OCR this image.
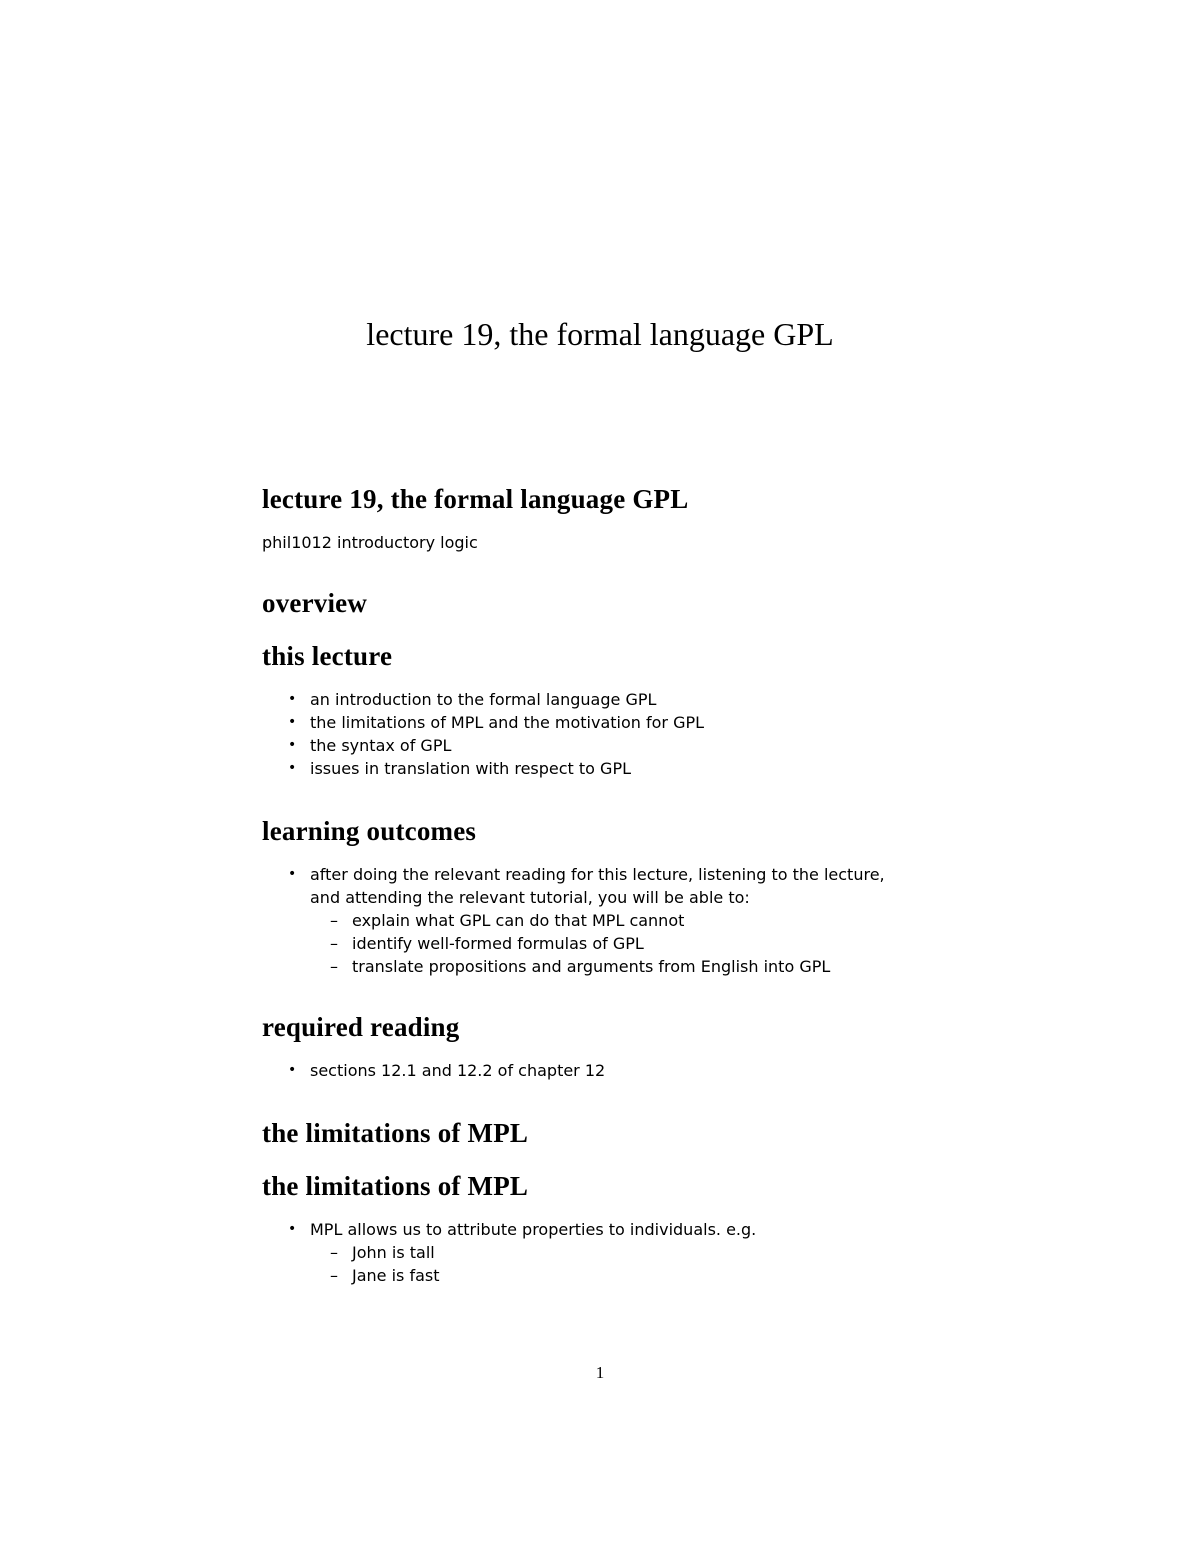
lecture 19, the formal language GPL
lecture 19, the formal language GPL

phil1012 introductory logic

overview
this lecture
• an introduction to the formal language GPL
• the limitations of MPL and the motivation for GPL
• the syntax of GPL
• issues in translation with respect to GPL
learning outcomes
• after doing the relevant reading for this lecture, listening to the lecture,
and attending the relevant tutorial, you will be able to:
– explain what GPL can do that MPL cannot
– identify well-formed formulas of GPL
– translate propositions and arguments from English into GPL
required reading
• sections 12.1 and 12.2 of chapter 12
the limitations of MPL
the limitations of MPL
• MPL allows us to attribute properties to individuals. e.g.
– John is tall
– Jane is fast
1
